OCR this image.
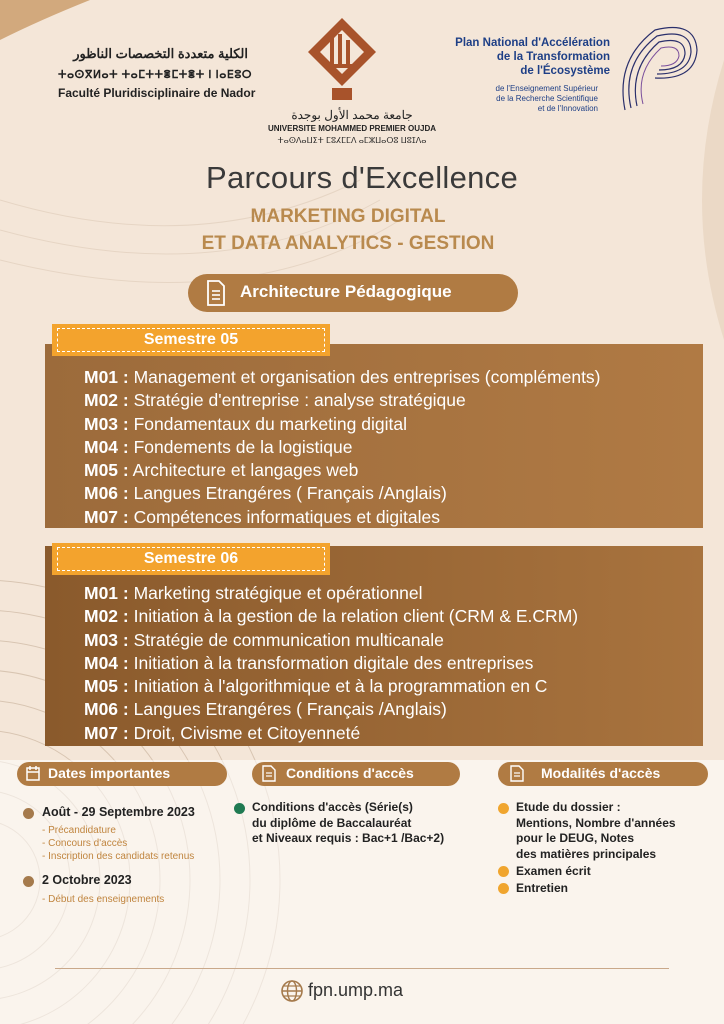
الكلية متعددة التخصصات الناظور
ⵜⴰⵙⴳⵍⴰⵜ ⵜⴰⵎⵜⵜⴻⵎⵜⴻⵜ ⵏ ⵏⴰⴹⵓⵔ
Faculté Pluridisciplinaire de Nador
جامعة محمد الأول بوجدة
UNIVERSITE MOHAMMED PREMIER OUJDA
ⵜⴰⵙⴷⴰⵡⵉⵜ ⵎⵓⵃⵎⵎⴷ ⴰⵎⵣⵡⴰⵔⵓ ⵡⵓⵊⴷⴰ
Plan National d'Accélération
de la Transformation
de l'Écosystème
de l'Enseignement Supérieur
de la Recherche Scientifique
et de l'Innovation
Parcours d'Excellence
MARKETING DIGITAL
ET DATA ANALYTICS - GESTION
Architecture Pédagogique
Semestre 05
M01 : Management et organisation des entreprises (compléments)
M02 : Stratégie d'entreprise : analyse stratégique
M03 : Fondamentaux du marketing digital
M04 : Fondements de la logistique
M05 : Architecture et langages web
M06 : Langues Etrangéres ( Français /Anglais)
M07 : Compétences informatiques et digitales
Semestre 06
M01 : Marketing stratégique et opérationnel
M02 : Initiation à la gestion de la relation client (CRM & E.CRM)
M03 : Stratégie de communication multicanale
M04 : Initiation à la transformation digitale des entreprises
M05 : Initiation à l'algorithmique et à la programmation en C
M06 : Langues Etrangéres ( Français /Anglais)
M07 : Droit, Civisme et Citoyenneté
Dates importantes
Août - 29 Septembre 2023
- Précandidature
- Concours d'accès
- Inscription des candidats retenus
2 Octobre 2023
- Début des enseignements
Conditions d'accès
Conditions d'accès (Série(s)
du diplôme de Baccalauréat
et Niveaux requis : Bac+1 /Bac+2)
Modalités d'accès
Etude du dossier :
Mentions, Nombre d'années
pour le DEUG, Notes
des matières principales
Examen écrit
Entretien
fpn.ump.ma
